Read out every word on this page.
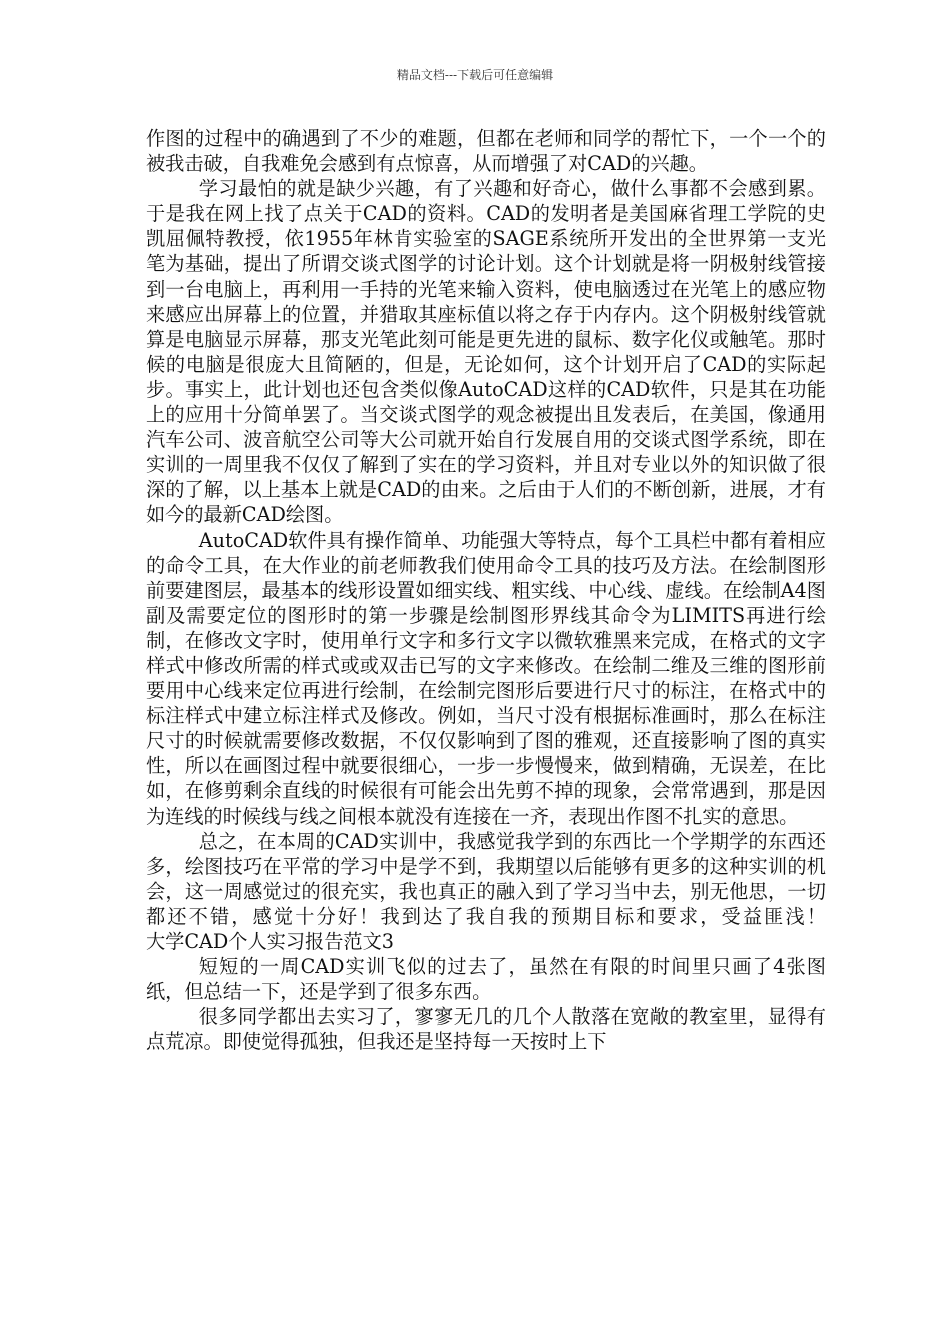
精品文档---下载后可任意编辑

作图的过程中的确遇到了不少的难题，但都在老师和同学的帮忙下，一个一个的被我击破，自我难免会感到有点惊喜，从而增强了对CAD的兴趣。

学习最怕的就是缺少兴趣，有了兴趣和好奇心，做什么事都不会感到累。于是我在网上找了点关于CAD的资料。CAD的发明者是美国麻省理工学院的史凯屈佩特教授，依1955年林肯实验室的SAGE系统所开发出的全世界第一支光笔为基础，提出了所谓交谈式图学的讨论计划。这个计划就是将一阴极射线管接到一台电脑上，再利用一手持的光笔来输入资料，使电脑透过在光笔上的感应物来感应出屏幕上的位置，并猎取其座标值以将之存于内存内。这个阴极射线管就算是电脑显示屏幕，那支光笔此刻可能是更先进的鼠标、数字化仪或触笔。那时候的电脑是很庞大且简陋的，但是，无论如何，这个计划开启了CAD的实际起步。事实上，此计划也还包含类似像AutoCAD这样的CAD软件，只是其在功能上的应用十分简单罢了。当交谈式图学的观念被提出且发表后，在美国，像通用汽车公司、波音航空公司等大公司就开始自行发展自用的交谈式图学系统，即在实训的一周里我不仅仅了解到了实在的学习资料，并且对专业以外的知识做了很深的了解，以上基本上就是CAD的由来。之后由于人们的不断创新，进展，才有如今的最新CAD绘图。

AutoCAD软件具有操作简单、功能强大等特点，每个工具栏中都有着相应的命令工具，在大作业的前老师教我们使用命令工具的技巧及方法。在绘制图形前要建图层，最基本的线形设置如细实线、粗实线、中心线、虚线。在绘制A4图副及需要定位的图形时的第一步骤是绘制图形界线其命令为LIMITS再进行绘制，在修改文字时，使用单行文字和多行文字以微软雅黑来完成，在格式的文字样式中修改所需的样式或或双击已写的文字来修改。在绘制二维及三维的图形前要用中心线来定位再进行绘制，在绘制完图形后要进行尺寸的标注，在格式中的标注样式中建立标注样式及修改。例如，当尺寸没有根据标准画时，那么在标注尺寸的时候就需要修改数据，不仅仅影响到了图的雅观，还直接影响了图的真实性，所以在画图过程中就要很细心，一步一步慢慢来，做到精确，无误差，在比如，在修剪剩余直线的时候很有可能会出先剪不掉的现象，会常常遇到，那是因为连线的时候线与线之间根本就没有连接在一齐，表现出作图不扎实的意思。

总之，在本周的CAD实训中，我感觉我学到的东西比一个学期学的东西还多，绘图技巧在平常的学习中是学不到，我期望以后能够有更多的这种实训的机会，这一周感觉过的很充实，我也真正的融入到了学习当中去，别无他思，一切都还不错，感觉十分好！我到达了我自我的预期目标和要求，受益匪浅！　　　大学CAD个人实习报告范文3

短短的一周CAD实训飞似的过去了，虽然在有限的时间里只画了4张图纸，但总结一下，还是学到了很多东西。

很多同学都出去实习了，寥寥无几的几个人散落在宽敞的教室里，显得有点荒凉。即使觉得孤独，但我还是坚持每一天按时上下
